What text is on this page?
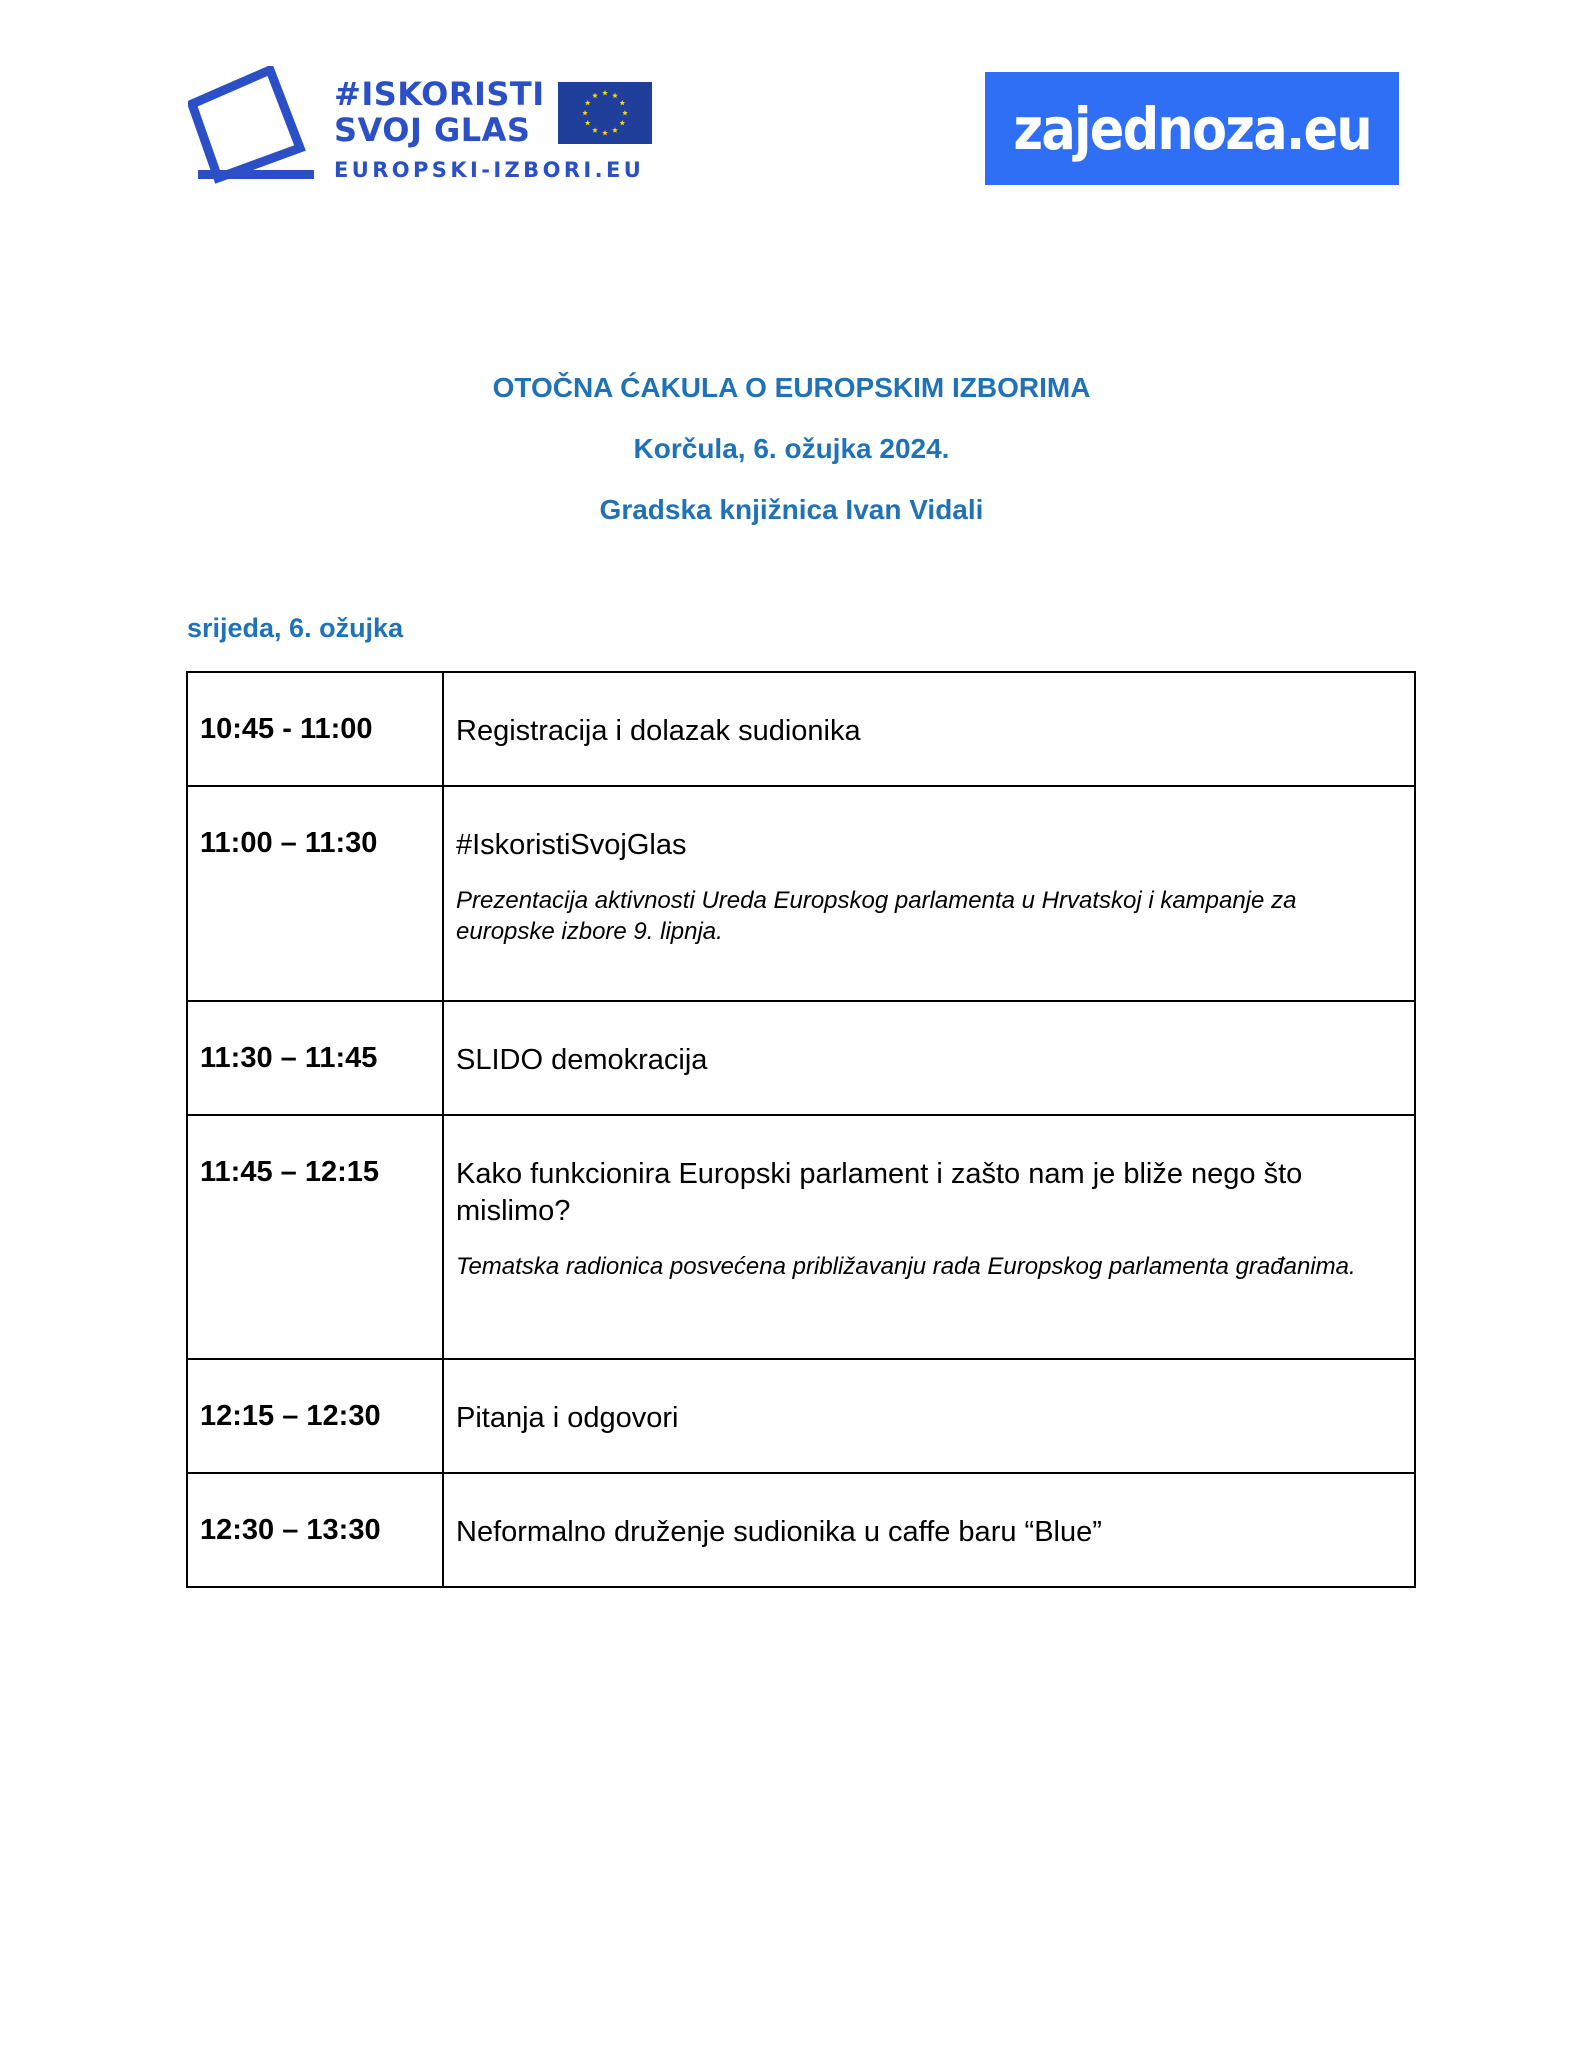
#ISKORISTI
SVOJ GLAS
EUROPSKI-IZBORI.EU
zajednoza.eu
OTOČNA ĆAKULA O EUROPSKIM IZBORIMA
Korčula, 6. ožujka 2024.
Gradska knjižnica Ivan Vidali
srijeda, 6. ožujka
10:45 - 11:00	Registracija i dolazak sudionika

11:00 – 11:30	#IskoristiSvojGlas
Prezentacija aktivnosti Ureda Europskog parlamenta u Hrvatskoj i kampanje za europske izbore 9. lipnja.

11:30 – 11:45	SLIDO demokracija

11:45 – 12:15	Kako funkcionira Europski parlament i zašto nam je bliže nego što mislimo?
Tematska radionica posvećena približavanju rada Europskog parlamenta građanima.

12:15 – 12:30	Pitanja i odgovori

12:30 – 13:30	Neformalno druženje sudionika u caffe baru “Blue”
